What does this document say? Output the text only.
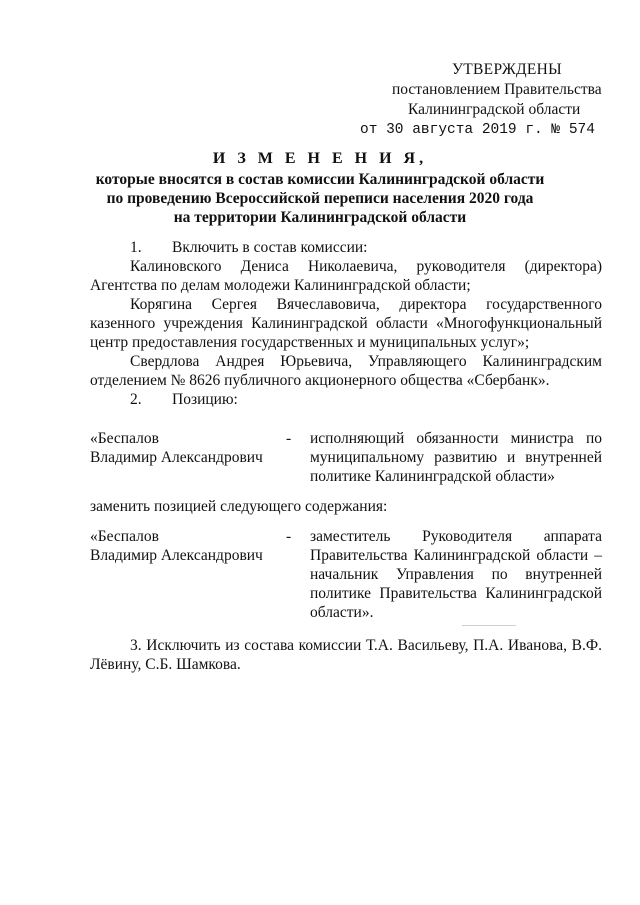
УТВЕРЖДЕНЫ
постановлением Правительства
Калининградской области
от 30 августа 2019 г. № 574
И З М Е Н Е Н И Я,
которые вносятся в состав комиссии Калининградской области
по проведению Всероссийской переписи населения 2020 года
на территории Калининградской области
1. Включить в состав комиссии:

Калиновского Дениса Николаевича, руководителя (директора) Агентства по делам молодежи Калининградской области;

Корягина Сергея Вячеславовича, директора государственного казенного учреждения Калининградской области «Многофункциональный центр предоставления государственных и муниципальных услуг»;

Свердлова Андрея Юрьевича, Управляющего Калининградским отделением № 8626 публичного акционерного общества «Сбербанк».

2. Позицию:
«Беспалов
Владимир Александрович
- исполняющий обязанности министра по муниципальному развитию и внутренней политике Калининградской области»

заменить позицией следующего содержания:

«Беспалов
Владимир Александрович
- заместитель Руководителя аппарата Правительства Калининградской области – начальник Управления по внутренней политике Правительства Калининградской области».

3. Исключить из состава комиссии Т.А. Васильеву, П.А. Иванова, В.Ф. Лёвину, С.Б. Шамкова.
